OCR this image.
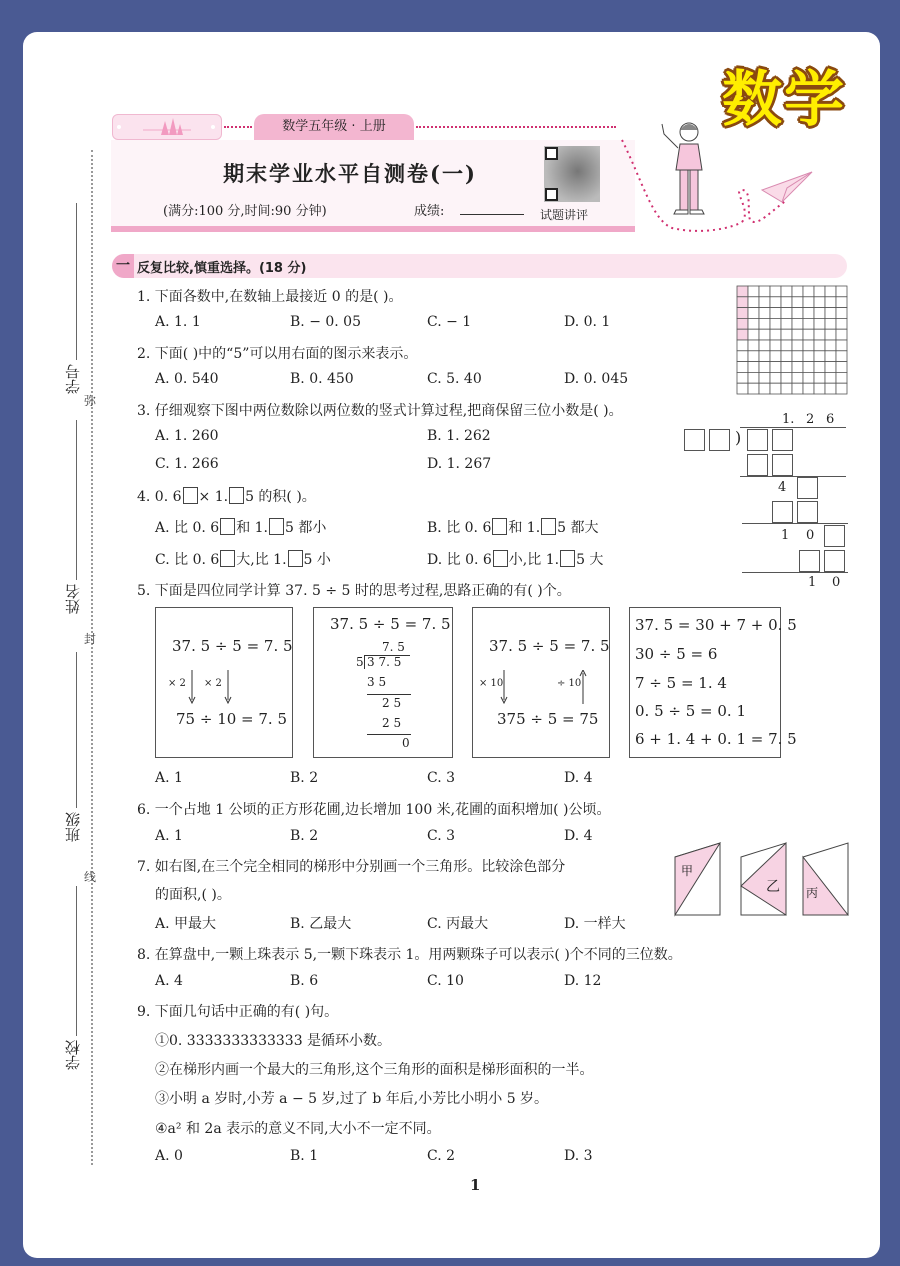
数学
数学五年级 · 上册
期末学业水平自测卷(一)
(满分:100 分,时间:90 分钟)	成绩:	试题讲评
学号
弥
姓名
封
班级
线
学校
一 反复比较,慎重选择。(18 分)
1. 下面各数中,在数轴上最接近 0 的是( )。
A. 1. 1	B. − 0. 05	C. − 1	D. 0. 1
2. 下面( )中的“5”可以用右面的图示来表示。
A. 0. 540	B. 0. 450	C. 5. 40	D. 0. 045
3. 仔细观察下图中两位数除以两位数的竖式计算过程,把商保留三位小数是( )。
A. 1. 260	B. 1. 262
C. 1. 266	D. 1. 267
1. 2 6
)
4
1 0
1 0
4. 0. 6 × 1. 5 的积( )。
A. 比 0. 6 和 1. 5 都小	B. 比 0. 6 和 1. 5 都大
C. 比 0. 6 大,比 1. 5 小	D. 比 0. 6 小,比 1. 5 大
5. 下面是四位同学计算 37. 5 ÷ 5 时的思考过程,思路正确的有( )个。
37. 5 ÷ 5 = 7. 5
× 2 × 2
75 ÷ 10 = 7. 5
37. 5 ÷ 5 = 7. 5
7. 5
5 3 7. 5
3 5
2 5
2 5
0
37. 5 ÷ 5 = 7. 5
× 10	÷ 10
375 ÷ 5 = 75
37. 5 = 30 + 7 + 0. 5
30 ÷ 5 = 6
7 ÷ 5 = 1. 4
0. 5 ÷ 5 = 0. 1
6 + 1. 4 + 0. 1 = 7. 5
A. 1	B. 2	C. 3	D. 4
6. 一个占地 1 公顷的正方形花圃,边长增加 100 米,花圃的面积增加( )公顷。
A. 1	B. 2	C. 3	D. 4
7. 如右图,在三个完全相同的梯形中分别画一个三角形。比较涂色部分
的面积,( )。
A. 甲最大	B. 乙最大	C. 丙最大	D. 一样大
甲
乙 丙
8. 在算盘中,一颗上珠表示 5,一颗下珠表示 1。用两颗珠子可以表示( )个不同的三位数。
A. 4	B. 6	C. 10	D. 12
9. 下面几句话中正确的有( )句。
①0. 3333333333333 是循环小数。
②在梯形内画一个最大的三角形,这个三角形的面积是梯形面积的一半。
③小明 a 岁时,小芳 a − 5 岁,过了 b 年后,小芳比小明小 5 岁。
④a² 和 2a 表示的意义不同,大小不一定不同。
A. 0	B. 1	C. 2	D. 3
1
